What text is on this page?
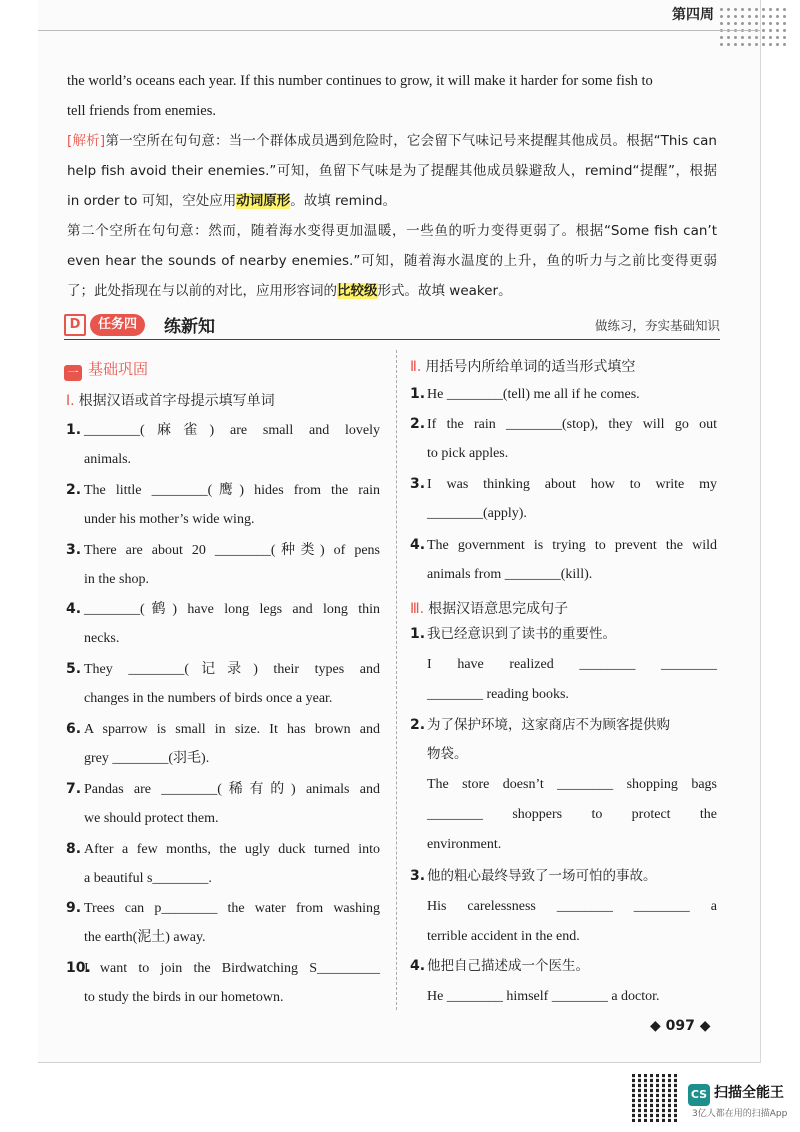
第四周
the world’s oceans each year. If this number continues to grow, it will make it harder for some fish to
tell friends from enemies.
[解析]第一空所在句句意：当一个群体成员遇到危险时，它会留下气味记号来提醒其他成员。根据“This can help fish avoid their enemies.”可知，鱼留下气味是为了提醒其他成员躲避敌人，remind“提醒”，根据 in order to 可知，空处应用动词原形。故填 remind。
第二个空所在句句意：然而，随着海水变得更加温暖，一些鱼的听力变得更弱了。根据“Some fish can’t even hear the sounds of nearby enemies.”可知，随着海水温度的上升，鱼的听力与之前比变得更弱了；此处指现在与以前的对比，应用形容词的比较级形式。故填 weaker。
D	任务四	练新知	做练习，夯实基础知识
一 基础巩固
Ⅰ. 根据汉语或首字母提示填写单词
1. ________(麻雀) are small and lovely
animals.
2. The little ________(鹰) hides from the rain
under his mother’s wide wing.
3. There are about 20 ________(种类) of pens
in the shop.
4. ________(鹤) have long legs and long thin
necks.
5. They ________(记录) their types and
changes in the numbers of birds once a year.
6. A sparrow is small in size. It has brown and
grey ________(羽毛).
7. Pandas are ________(稀有的) animals and
we should protect them.
8. After a few months, the ugly duck turned into
a beautiful s________.
9. Trees can p________ the water from washing
the earth(泥土) away.
10.
I want to join the Birdwatching S_________
to study the birds in our hometown.
Ⅱ. 用括号内所给单词的适当形式填空
1. He ________(tell) me all if he comes.
2. If the rain ________(stop), they will go out
to pick apples.
3. I was thinking about how to write my
________(apply).
4. The government is trying to prevent the wild
animals from ________(kill).
Ⅲ. 根据汉语意思完成句子
1. 我已经意识到了读书的重要性。
I have realized ________ ________
________ reading books.
2. 为了保护环境，这家商店不为顾客提供购
物袋。
The store doesn’t ________ shopping bags
________ shoppers to protect the
environment.
3. 他的粗心最终导致了一场可怕的事故。
His carelessness ________ ________ a
terrible accident in the end.
4. 他把自己描述成一个医生。
He ________ himself ________ a doctor.
◆ 097 ◆
CS 扫描全能王
3亿人都在用的扫描App
